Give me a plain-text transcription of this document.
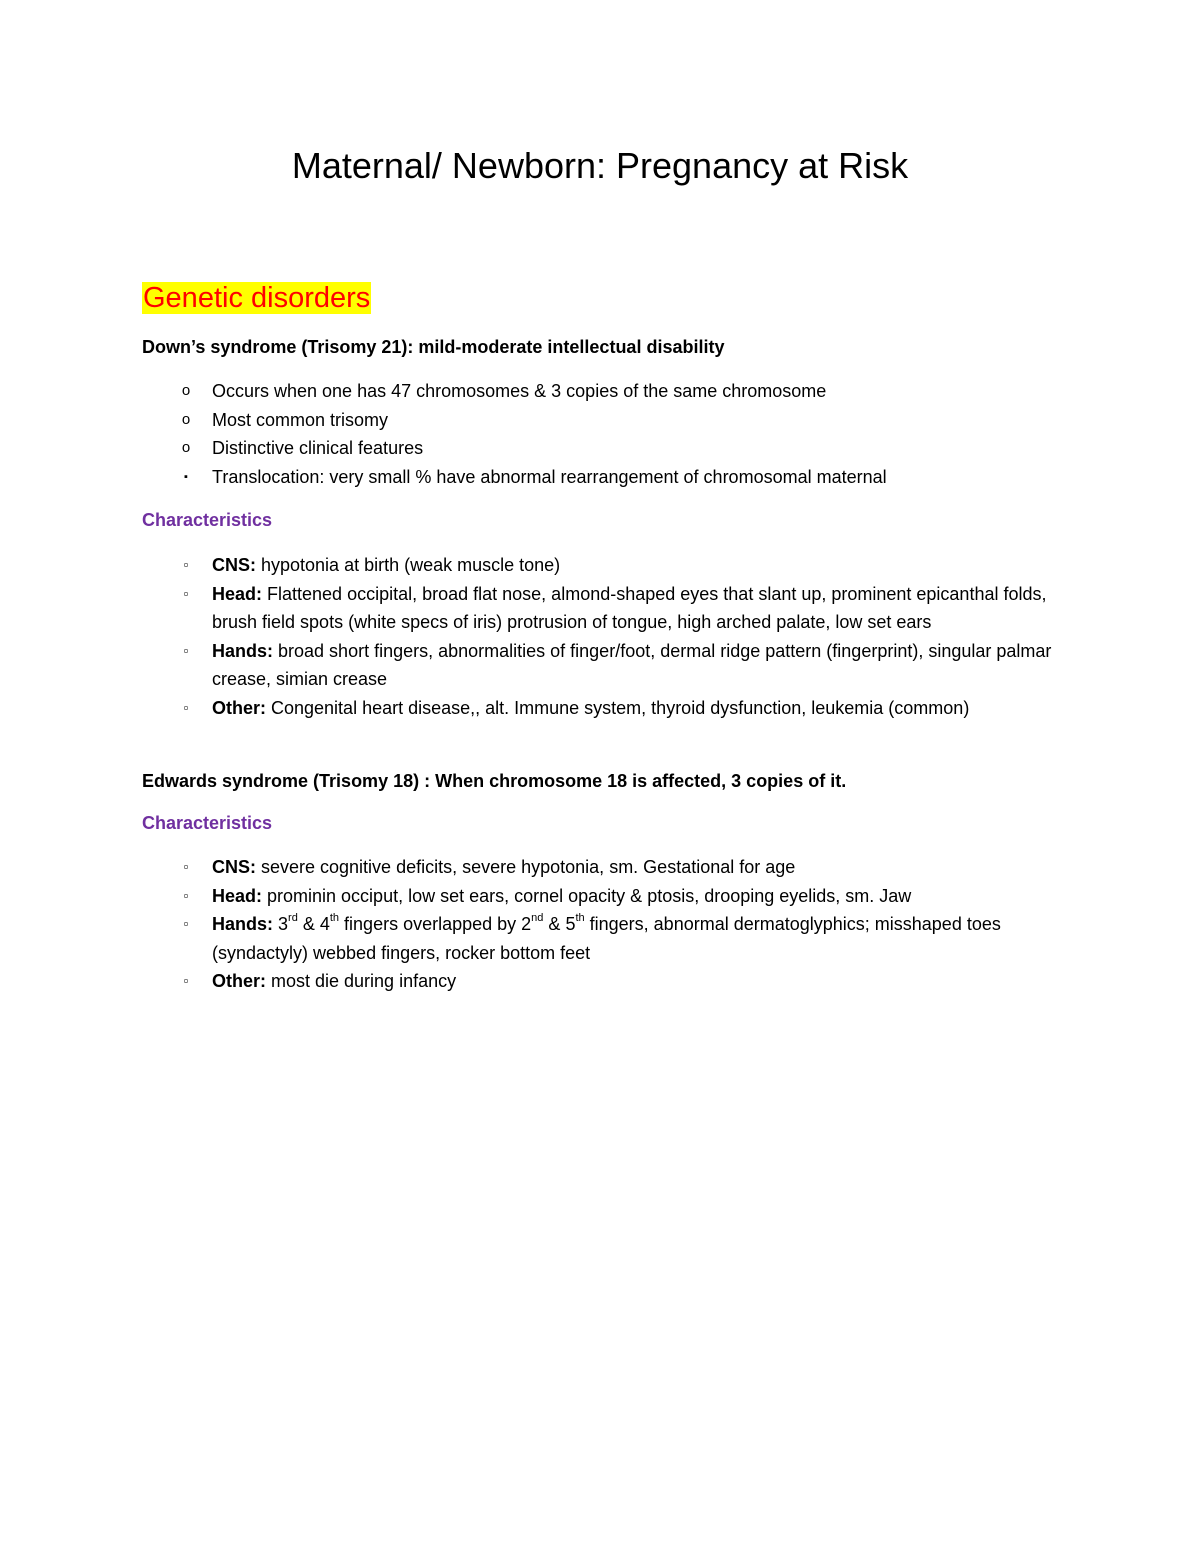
Maternal/ Newborn: Pregnancy at Risk
Genetic disorders
Down’s syndrome (Trisomy 21): mild-moderate intellectual disability
o	Occurs when one has 47 chromosomes & 3 copies of the same chromosome
o	Most common trisomy
o	Distinctive clinical features
▪	Translocation: very small % have abnormal rearrangement of chromosomal maternal
Characteristics
▫	CNS: hypotonia at birth (weak muscle tone)
▫	Head: Flattened occipital, broad flat nose, almond-shaped eyes that slant up, prominent epicanthal folds, brush field spots (white specs of iris) protrusion of tongue, high arched palate, low set ears
▫	Hands: broad short fingers, abnormalities of finger/foot, dermal ridge pattern (fingerprint), singular palmar crease, simian crease
▫	Other: Congenital heart disease,, alt. Immune system, thyroid dysfunction, leukemia (common)
Edwards syndrome (Trisomy 18) : When chromosome 18 is affected, 3 copies of it.
Characteristics
▫	CNS: severe cognitive deficits, severe hypotonia, sm. Gestational for age
▫	Head: prominin occiput, low set ears, cornel opacity & ptosis, drooping eyelids, sm. Jaw
▫	Hands: 3rd & 4th fingers overlapped by 2nd & 5th fingers, abnormal dermatoglyphics; misshaped toes (syndactyly) webbed fingers, rocker bottom feet
▫	Other: most die during infancy
